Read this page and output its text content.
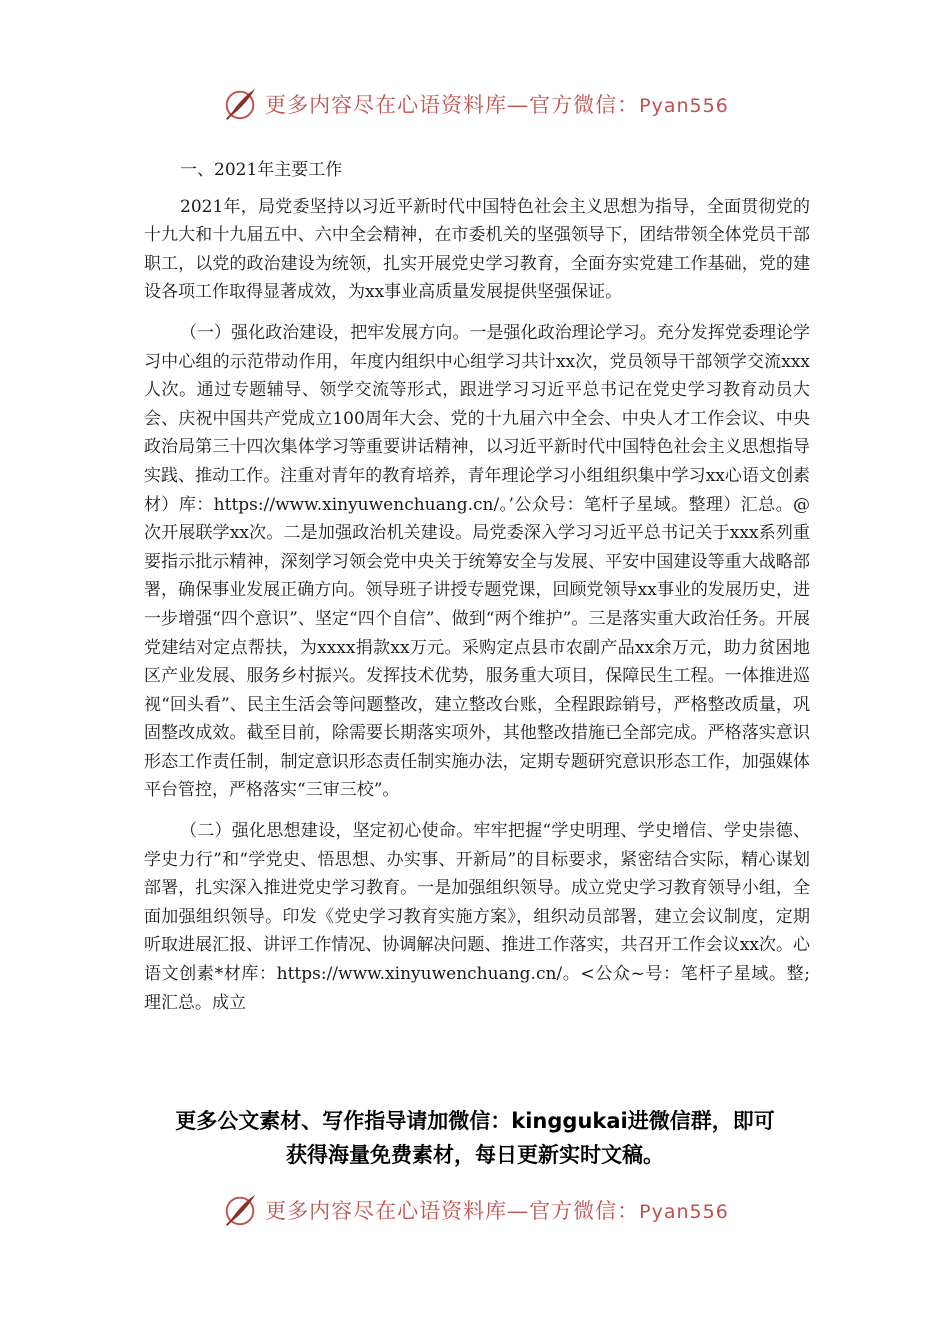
更多内容尽在心语资料库—官方微信：Pyan556

一、2021年主要工作

2021年，局党委坚持以习近平新时代中国特色社会主义思想为指导，全面贯彻党的十九大和十九届五中、六中全会精神，在市委机关的坚强领导下，团结带领全体党员干部职工，以党的政治建设为统领，扎实开展党史学习教育，全面夯实党建工作基础，党的建设各项工作取得显著成效，为xx事业高质量发展提供坚强保证。

（一）强化政治建设，把牢发展方向。一是强化政治理论学习。充分发挥党委理论学习中心组的示范带动作用，年度内组织中心组学习共计xx次，党员领导干部领学交流xxx人次。通过专题辅导、领学交流等形式，跟进学习习近平总书记在党史学习教育动员大会、庆祝中国共产党成立100周年大会、党的十九届六中全会、中央人才工作会议、中央政治局第三十四次集体学习等重要讲话精神，以习近平新时代中国特色社会主义思想指导实践、推动工作。注重对青年的教育培养，青年理论学习小组组织集中学习xx心语文创素材）库：https://www.xinyuwenchuang.cn/。’公众号：笔杆子星域。整理）汇总。@次开展联学xx次。二是加强政治机关建设。局党委深入学习习近平总书记关于xxx系列重要指示批示精神，深刻学习领会党中央关于统筹安全与发展、平安中国建设等重大战略部署，确保事业发展正确方向。领导班子讲授专题党课，回顾党领导xx事业的发展历史，进一步增强“四个意识”、坚定“四个自信”、做到“两个维护”。三是落实重大政治任务。开展党建结对定点帮扶，为xxxx捐款xx万元。采购定点县市农副产品xx余万元，助力贫困地区产业发展、服务乡村振兴。发挥技术优势，服务重大项目，保障民生工程。一体推进巡视“回头看”、民主生活会等问题整改，建立整改台账，全程跟踪销号，严格整改质量，巩固整改成效。截至目前，除需要长期落实项外，其他整改措施已全部完成。严格落实意识形态工作责任制，制定意识形态责任制实施办法，定期专题研究意识形态工作，加强媒体平台管控，严格落实“三审三校”。

（二）强化思想建设，坚定初心使命。牢牢把握“学史明理、学史增信、学史崇德、学史力行”和“学党史、悟思想、办实事、开新局”的目标要求，紧密结合实际，精心谋划部署，扎实深入推进党史学习教育。一是加强组织领导。成立党史学习教育领导小组，全面加强组织领导。印发《党史学习教育实施方案》，组织动员部署，建立会议制度，定期听取进展汇报、讲评工作情况、协调解决问题、推进工作落实，共召开工作会议xx次。心语文创素*材库：https://www.xinyuwenchuang.cn/。<公众~号：笔杆子星域。整;理汇总。成立

更多公文素材、写作指导请加微信：kinggukai进微信群，即可
获得海量免费素材，每日更新实时文稿。
更多内容尽在心语资料库—官方微信：Pyan556
